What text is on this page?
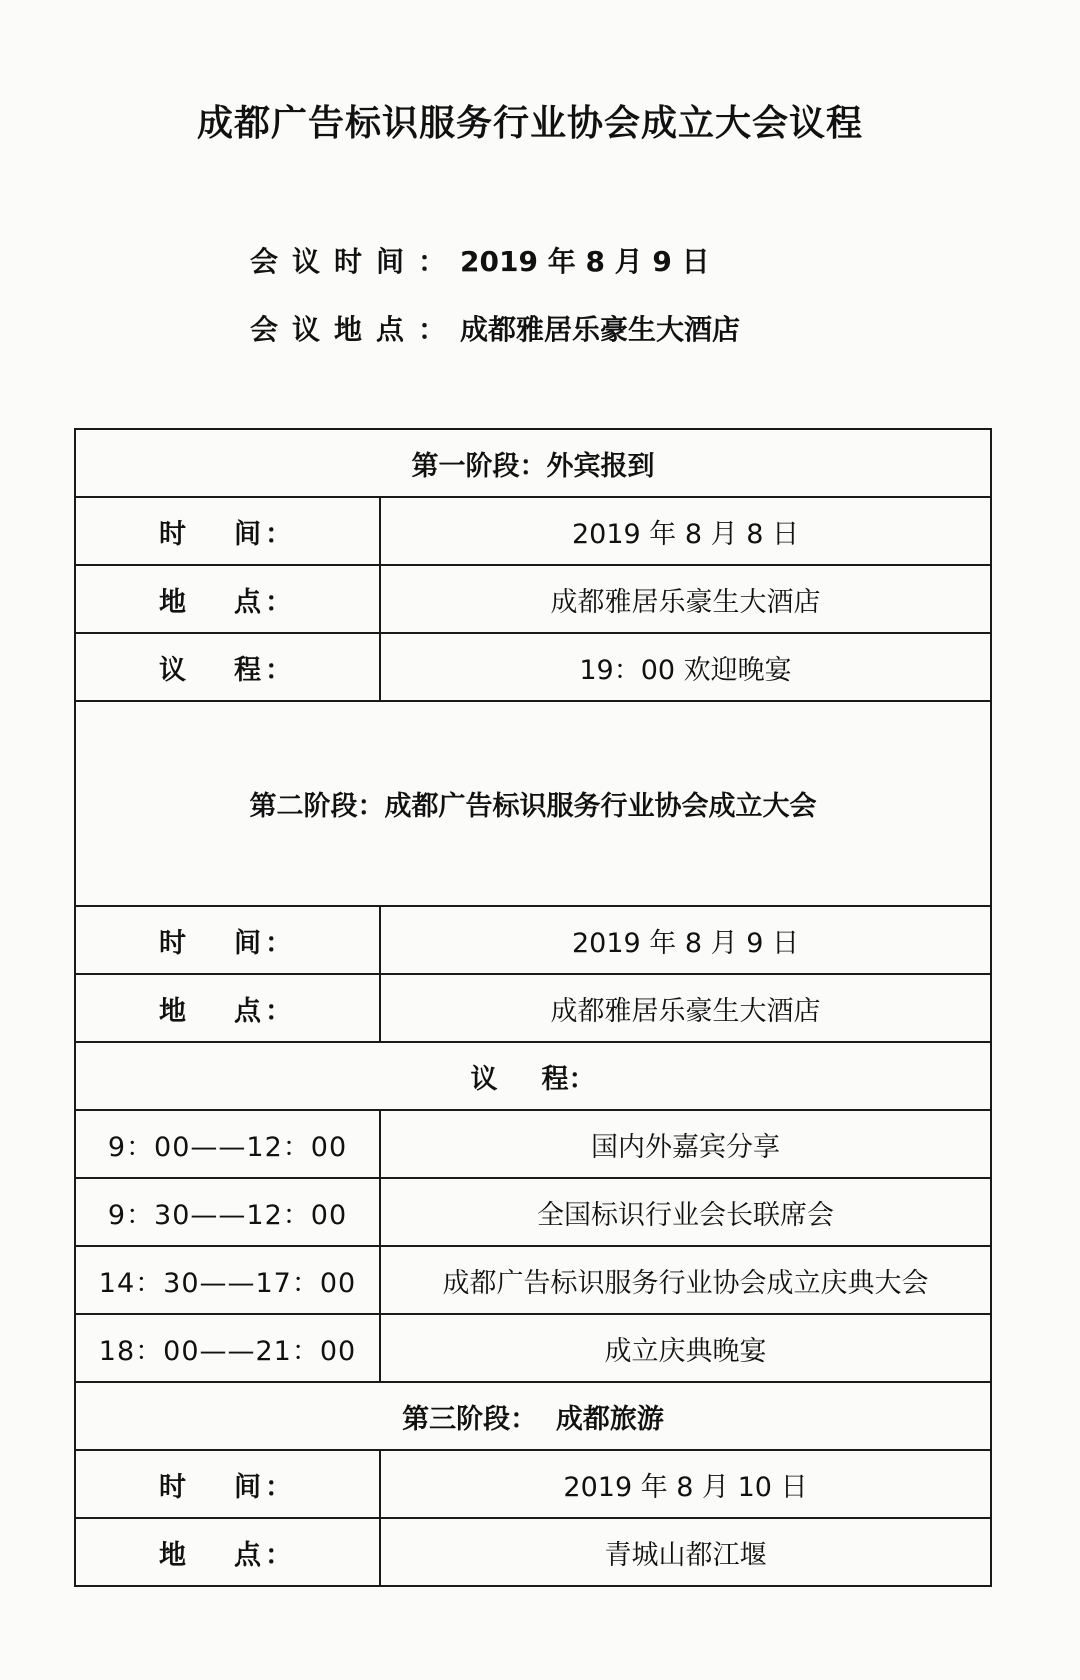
成都广告标识服务行业协会成立大会议程
会议时间：2019 年 8 月 9 日
会议地点：成都雅居乐豪生大酒店
第一阶段：外宾报到	
时 间：	2019 年 8 月 8 日
地 点：	成都雅居乐豪生大酒店
议 程：	19：00 欢迎晚宴
第二阶段：成都广告标识服务行业协会成立大会	
时 间：	2019 年 8 月 9 日
地 点：	成都雅居乐豪生大酒店
议 程：	
9：00——12：00	国内外嘉宾分享
9：30——12：00	全国标识行业会长联席会
14：30——17：00	成都广告标识服务行业协会成立庆典大会
18：00——21：00	成立庆典晚宴
第三阶段：  成都旅游	
时 间：	2019 年 8 月 10 日
地 点：	青城山都江堰
